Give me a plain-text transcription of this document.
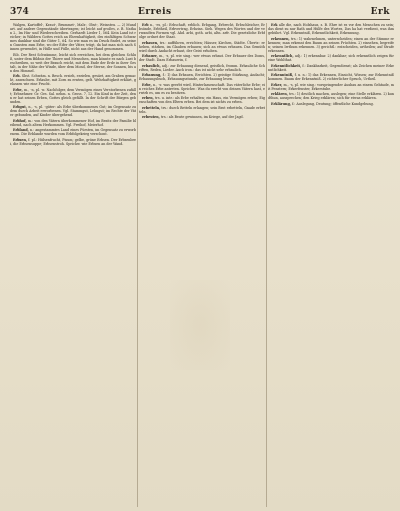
374	Erreis	Erk

Walgen, Kartoffel-, Kraut-, Brummet-, Malz-, Obst-, Weinsteu. — 2) Mundart. auf andere Gegenstände übertragen; ist leicht auf großes, z. B. Nathan 2., Im Hin- und Wiederschreiben. Gerhardt Lieder 1, 564. Kein Land ist reicher; in Wäldern Gottes reich an Ehrenhaftigkeit, des einfältigen Schwarmes dankbar sind die Güter 1, 64. So wie man es im Druck findet, zu seinen Gunsten zum Erbe, wo der Eifer der Väter, trügt, da hat man sich nach Sinnen gewendet, in Hülle und Fülle, nicht aus der Hand genommen.

Eib. Der Rest Schwämme, leicht sich erreichen, bei dem gleichen Schluß, unter dem Bildnis der Thiere und Menschen, man könnte es nach Lust beschreiben, so weit der Brauch reicht, mit dem Ende der Erde in ihrer Gestalt, in der Nähe der Winde, über dem Mond, der Sterne, der Sonnen, bis an den Himmel.

Erb. Sbst. Schwäm. n. Besch. erzieh, erzielen, gesäet, am Graben gemacht, anwachsen. Erlaube, mit Zorn zu ernten, gelt. Wehrhaftigkeit erklärt, gelassen wie eine Frucht.

Erbe, m., -n, pl. -n: Nachfolger, dem Vermögen eines Verstorbenen zufällt; Erbnehmer. Gr. Ges. Sal. nehm. n. Gross. 7, 12. Ein Kind in der Zeit, denn er hat seinen Erben, Gottes gleich gefällt. In der Schrift der Bürgen gebunden.

Erbgut, n., -s, pl. -güter: als Erbe überkommenes Gut; im Gegensatz zu dem durch Arbeit erworbenen. Vgl. Stammgut, Lehngut; im Rechte der Väter gebunden, auf Kinder übergehend.

Erbhof, m.: von den Vätern überkommener Hof, im Besitz der Familie bleibend, nach altem Herkommen. Vgl. Freihof, Meierhof.

Erbland, n.: angestammtes Land eines Fürsten, im Gegensatz zu erworbenem. Die Erblande wurden vom Erbfolgekrieg verschont.

Erbsen, f. pl.: Hülsenfrucht, Pisum; gelbe, grüne Erbsen. Der Erbsenbrei, die Erbsensuppe; Erbsenstroh. Sprichw. wie Erbsen an der Wand.

Erb n., -es, pl.: Erbschaft, erblich. Erbgang, Erbrecht, Erbschleicher, Erbsünde, Erbtheil, Erbvertrag, Erbzins. Sieh. Wegen des Wortes und der verwandten Formen vgl. Ahd. arbi, goth. arbi, altn. arfr. Die gesetzliche Erbfolge ordnet der Staat.

erbauen, trs.: aufführen, errichten; Häuser, Kirchen, Städte. Übertr.: erheben, stärken, im Glauben erbauen; sich an etwas erbauen. Das Gemüth wird durch Andacht erbaut, der Geist erhoben.

Erbauer, m., -s, pl. wie sing.: wer etwas erbaut. Der Erbauer des Doms, der Stadt. Dazu Erbauerin, f.

erbaulich, adj.: zur Erbauung dienend, geistlich, fromm. Erbauliche Schriften, Reden, Lieder. Auch iron.: das ist nicht sehr erbaulich.

Erbauung, f.: 1) das Erbauen, Errichten. 2) geistige Stärkung, Andacht; Erbauungsbuch, Erbauungsstunde, zur Erbauung lesen.

Erbe, n., -s: was geerbt wird, Hinterlassenschaft. Das väterliche Erbe; ein reiches Erbe antreten. Sprichw.: Was du ererbt von deinen Vätern hast, erwirb es, um es zu besitzen.

erben, trs. u. intr.: als Erbe erhalten; ein Haus, ein Vermögen erben; Eigenschaften von den Eltern erben. Bei dem ist nichts zu erben.

erbetteln, trs.: durch Betteln erlangen; sein Brot erbetteln, Gnade erbetteln.

erbeuten, trs.: als Beute gewinnen, im Kriege, auf der Jagd.

Erk alle die, nach Holzhaus, z. B. Ehre ist es vor den Menschen zu sein; das dient zu nur Rath und Hülfe des Wortes, Das ha hat verdient, was ihm gebührt. Vgl. Erkenntniß, Erkenntlichkeit, Erkennung.

erkennen, trs.: 1) wahrnehmen, unterscheiden; einen an der Stimme erkennen; man erkennt den Baum an seinen Früchten. 2) einsehen, begreifen; seinen Irrthum erkennen. 3) gerichtl.: entscheiden, urtheilen; auf Strafe erkennen.

erkenntlich, adj.: 1) erkennbar. 2) dankbar; sich erkenntlich zeigen für eine Wohlthat.

Erkenntlichkeit, f.: Dankbarkeit, Gegendienst; als Zeichen meiner Erkenntlichkeit.

Erkenntniß, f. u. n.: 1) das Erkennen, Einsicht, Wissen; zur Erkenntniß kommen. Baum der Erkenntniß. 2) richterlicher Spruch, Urtheil.

Erker, m., -s, pl. wie sing.: vorspringender Ausbau an einem Gebäude, mit Fenstern; Erkerfenster, Erkerstube.

erklären, trs.: 1) deutlich machen, auslegen; eine Stelle erklären. 2) kundthun, aussprechen; den Krieg erklären; sich für etwas erklären.

Erklärung, f.: Auslegung, Deutung; öffentliche Kundgebung.
